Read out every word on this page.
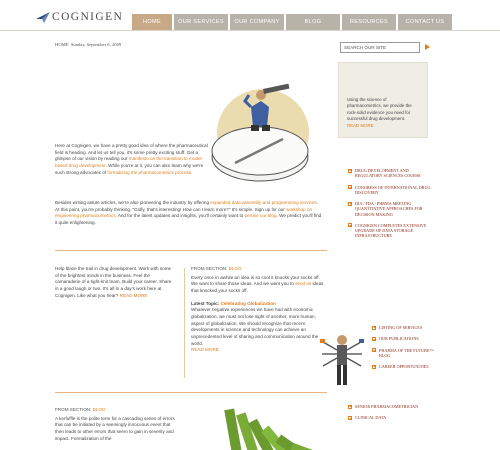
COGNIGEN	HOME	OUR SERVICES	OUR COMPANY	BLOG	RESOURCES	CONTACT US
HOME Sunday, September 6, 2009
SEARCH OUR SITE
Using the science of pharmacometrics, we provide the rock-solid evidence you need for successful drug development.
READ MORE

Here at Cognigen, we have a pretty good idea of where the pharmaceutical field is heading. And let us tell you, it's some pretty exciting stuff. Get a glimpse of our vision by reading our manifesto on the transition to model-based drug development. While you're at it, you can also learn why we're such strong advocates of formalizing the pharmacometrics process.

Besides writing astute articles, we're also pioneering the industry by offering expanded data assembly and programming services. At this point, you're probably thinking, "Golly, that's interesting! How can I learn more?" It's simple. Sign up for our workshop on engineering pharmacometrics. And for the latest updates and insights, you'll certainly want to peruse our blog. We predict you'll find it quite enlightening.

DRUG DEVELOPMENT AND REGULATORY SCIENCES COURSE
CONGRESS OF INTERNATIONAL DRUG DISCOVERY
DIA / FDA / PHRMA MEETING QUANTITATIVE APPROACHES FOR DECISION MAKING
COGNIGEN COMPLETES EXTENSIVE UPGRADE OF DATA STORAGE INFRASTRUCTURE
Help blaze the trail in drug development. Work with some of the brightest minds in the business. Feel the camaraderie of a tight-knit team. Build your career. Share in a good laugh or two. It's all in a day's work here at Cognigen. Like what you hear? READ MORE
FROM SECTION: BLOG
Every once in awhile an idea is so cool it knocks your socks off. We want to share those ideas. And we want you to send us ideas that knocked your socks off.
Latest Topic: Celebrating Globalization
Whatever negative experiences we have had with economic globalization, we must not lose sight of another, more human, aspect of globalization. We should recognize that recent developments in science and technology can achieve an unprecedented level of sharing and communication around the world.
READ MORE
LISTING OF SERVICES
OUR PUBLICATIONS
PHARMA OF THE FUTURE™ BLOG
CAREER OPPORTUNITIES
FROM SECTION: BLOG
A kerfuffle is the polite term for a cascading series of errors that can be initiated by a seemingly innocuous event that then leads to other errors that seem to gain in severity and impact. Formalization of the
SENIOR PHARMACOMETRICIAN
CLINICAL DATA
